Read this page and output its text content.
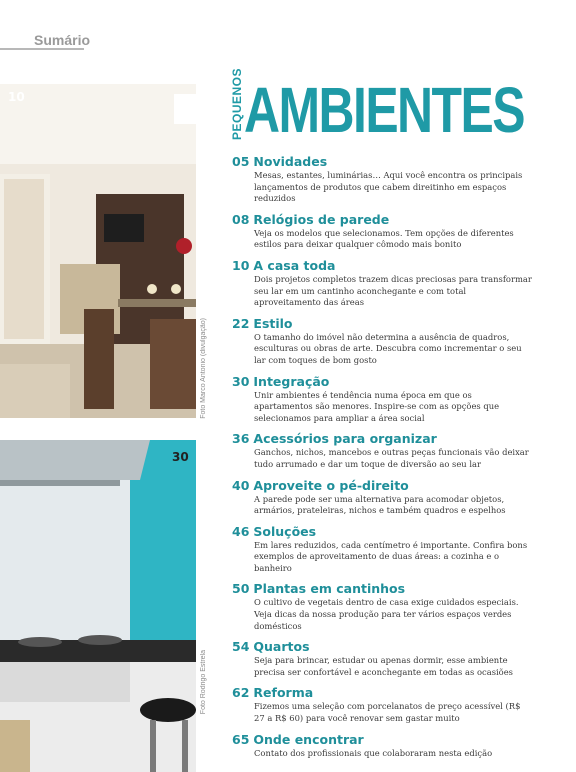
Sumário
10
Foto Marco Antonio (divulgação)
30
Foto Rodrigo Estrela
PEQUENOS AMBIENTES
05 Novidades
Mesas, estantes, luminárias… Aqui você encontra os principais lançamentos de produtos que cabem direitinho em espaços reduzidos
08 Relógios de parede
Veja os modelos que selecionamos. Tem opções de diferentes estilos para deixar qualquer cômodo mais bonito
10 A casa toda
Dois projetos completos trazem dicas preciosas para transformar seu lar em um cantinho aconchegante e com total aproveitamento das áreas
22 Estilo
O tamanho do imóvel não determina a ausência de quadros, esculturas ou obras de arte. Descubra como incrementar o seu lar com toques de bom gosto
30 Integração
Unir ambientes é tendência numa época em que os apartamentos são menores. Inspire-se com as opções que selecionamos para ampliar a área social
36 Acessórios para organizar
Ganchos, nichos, mancebos e outras peças funcionais vão deixar tudo arrumado e dar um toque de diversão ao seu lar
40 Aproveite o pé-direito
A parede pode ser uma alternativa para acomodar objetos, armários, prateleiras, nichos e também quadros e espelhos
46 Soluções
Em lares reduzidos, cada centímetro é importante. Confira bons exemplos de aproveitamento de duas áreas: a cozinha e o banheiro
50 Plantas em cantinhos
O cultivo de vegetais dentro de casa exige cuidados especiais. Veja dicas da nossa produção para ter vários espaços verdes domésticos
54 Quartos
Seja para brincar, estudar ou apenas dormir, esse ambiente precisa ser confortável e aconchegante em todas as ocasiões
62 Reforma
Fizemos uma seleção com porcelanatos de preço acessível (R$ 27 a R$ 60) para você renovar sem gastar muito
65 Onde encontrar
Contato dos profissionais que colaboraram nesta edição
